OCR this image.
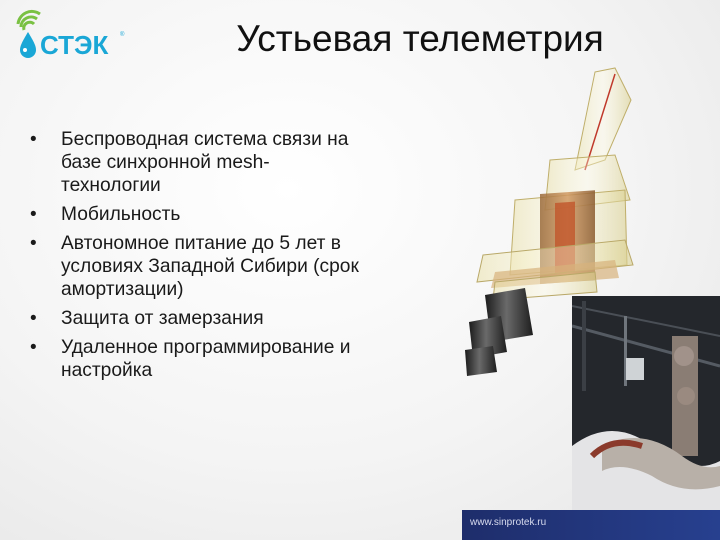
СТЭК ®	Устьевая телеметрия
• Беспроводная система связи на
базе синхронной mesh-
технологии
• Мобильность
• Автономное питание до 5 лет в
условиях Западной Сибири (срок
амортизации)
• Защита от замерзания
• Удаленное программирование и
настройка
www.sinprotek.ru
